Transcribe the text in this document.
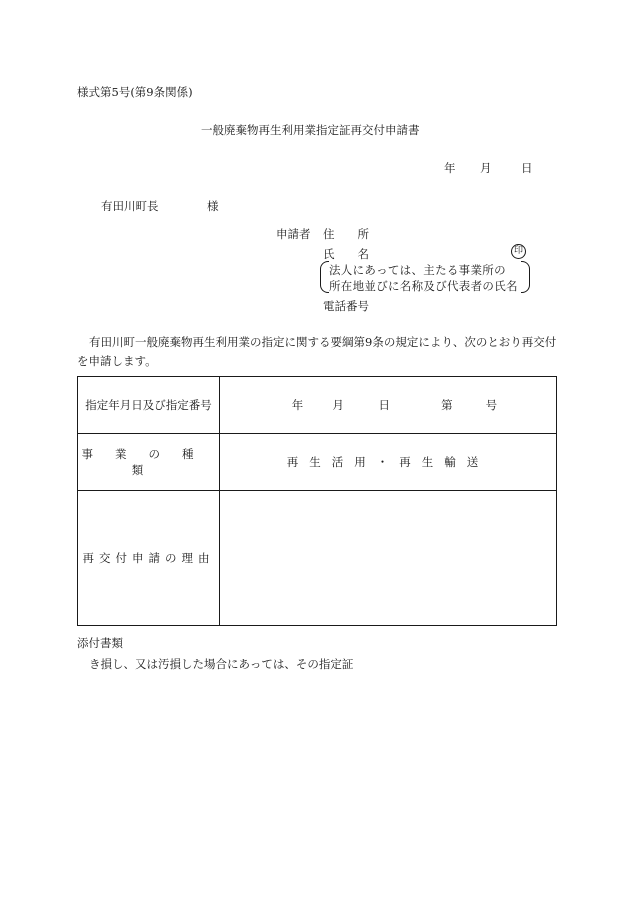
様式第5号(第9条関係)
一般廃棄物再生利用業指定証再交付申請書
年	月	日
有田川町長	様
申請者 住　　所
氏　　名	印
法人にあっては、主たる事業所の
所在地並びに名称及び代表者の氏名
電話番号
有田川町一般廃棄物再生利用業の指定に関する要綱第9条の規定により、次のとおり再交付を申請します。
指定年月日及び指定番号	年 月 日 第 号
事業の種類	再生活用・再生輸送
再交付申請の理由	
添付書類
き損し、又は汚損した場合にあっては、その指定証
